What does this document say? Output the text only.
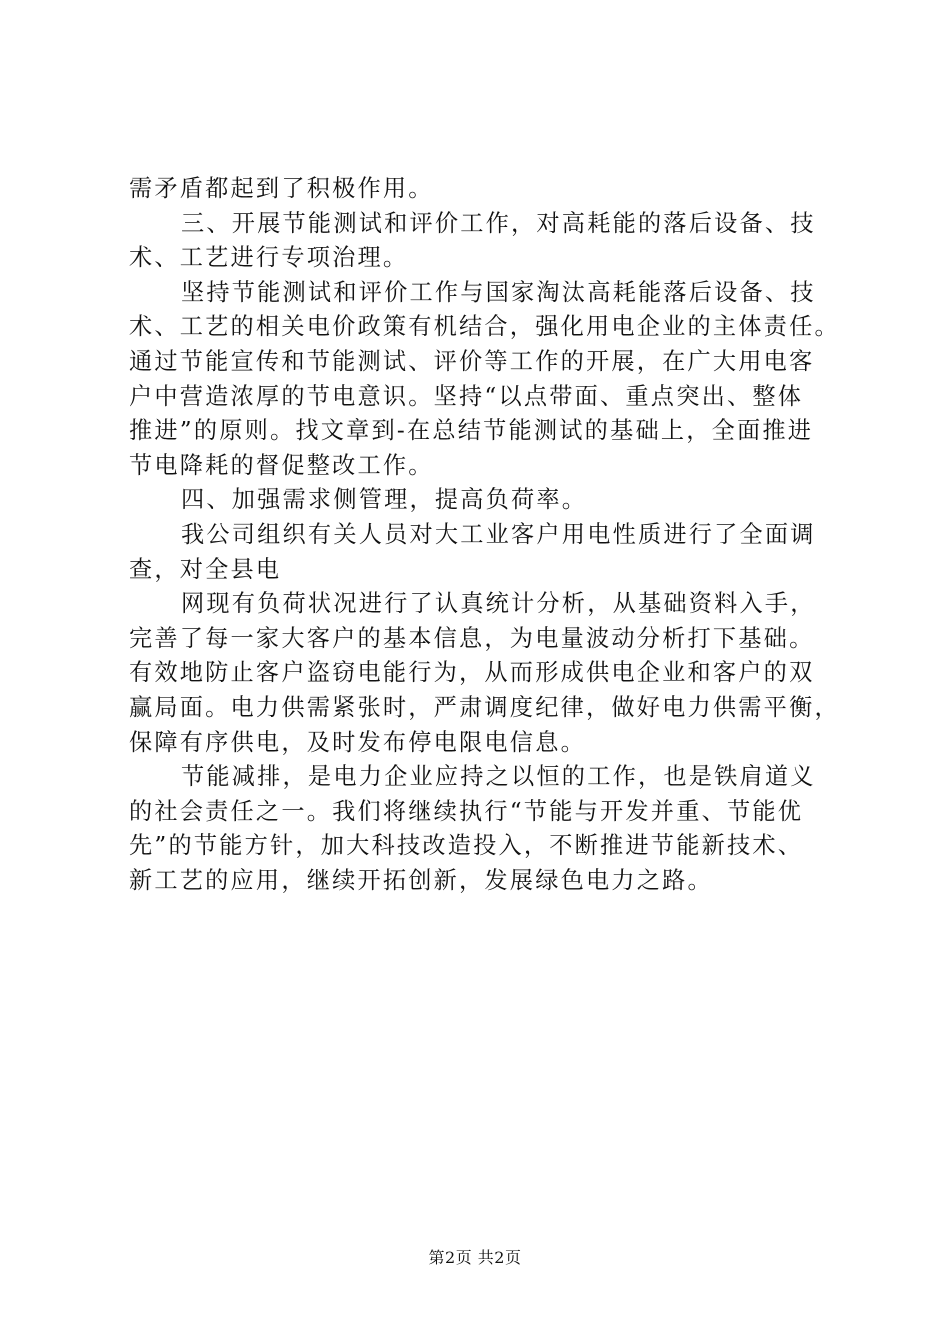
需矛盾都起到了积极作用。
三、开展节能测试和评价工作，对高耗能的落后设备、技
术、工艺进行专项治理。
坚持节能测试和评价工作与国家淘汰高耗能落后设备、技
术、工艺的相关电价政策有机结合，强化用电企业的主体责任。
通过节能宣传和节能测试、评价等工作的开展，在广大用电客
户中营造浓厚的节电意识。坚持“以点带面、重点突出、整体
推进”的原则。找文章到-在总结节能测试的基础上，全面推进
节电降耗的督促整改工作。
四、加强需求侧管理，提高负荷率。
我公司组织有关人员对大工业客户用电性质进行了全面调
查，对全县电
网现有负荷状况进行了认真统计分析，从基础资料入手，
完善了每一家大客户的基本信息，为电量波动分析打下基础。
有效地防止客户盗窃电能行为，从而形成供电企业和客户的双
赢局面。电力供需紧张时，严肃调度纪律，做好电力供需平衡，
保障有序供电，及时发布停电限电信息。
节能减排，是电力企业应持之以恒的工作，也是铁肩道义
的社会责任之一。我们将继续执行“节能与开发并重、节能优
先”的节能方针，加大科技改造投入，不断推进节能新技术、
新工艺的应用，继续开拓创新，发展绿色电力之路。
第2页 共2页
